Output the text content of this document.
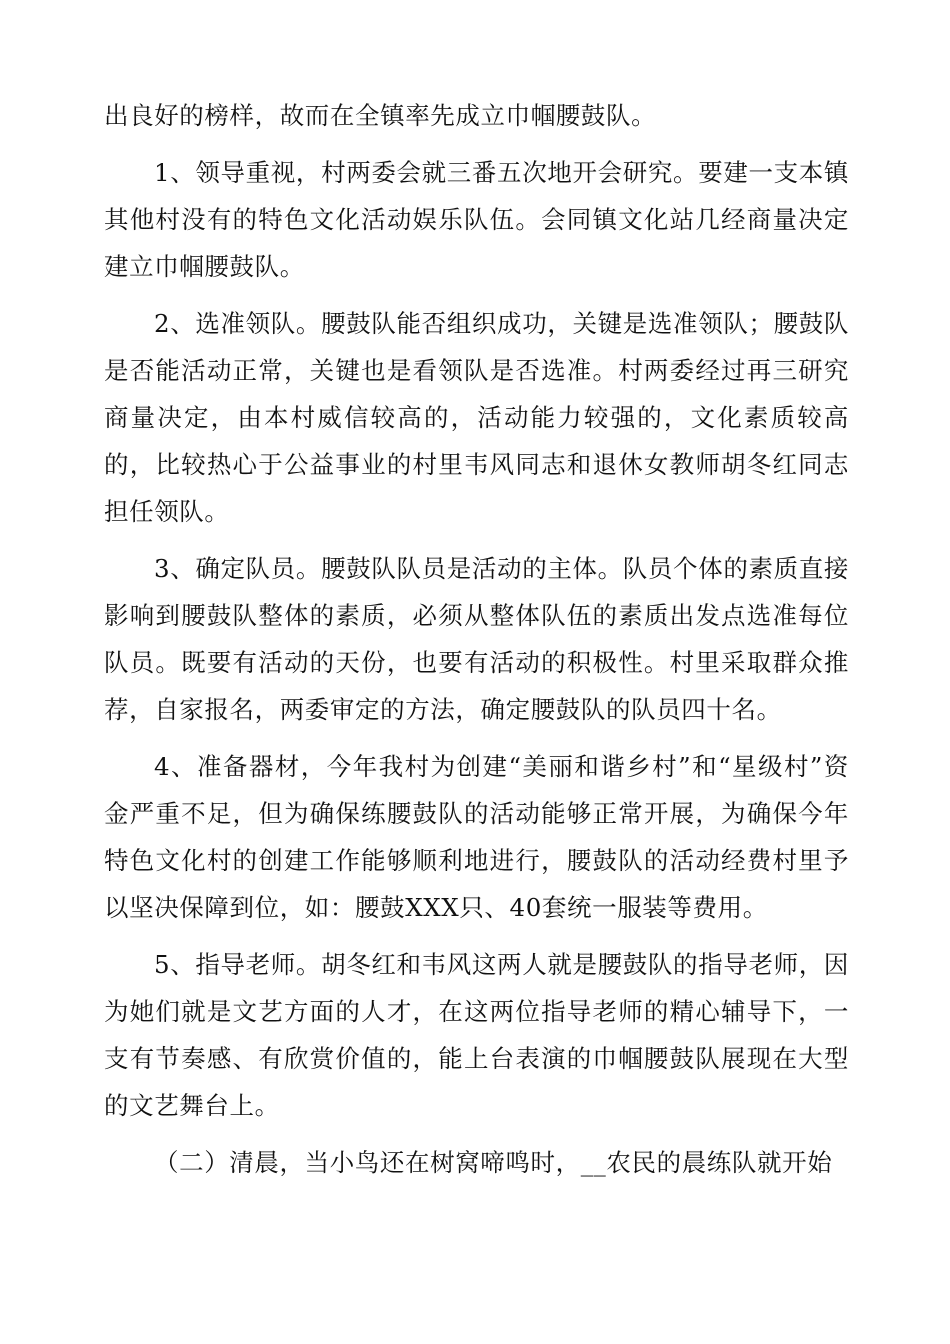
出良好的榜样，故而在全镇率先成立巾帼腰鼓队。

1、领导重视，村两委会就三番五次地开会研究。要建一支本镇其他村没有的特色文化活动娱乐队伍。会同镇文化站几经商量决定建立巾帼腰鼓队。

2、选准领队。腰鼓队能否组织成功，关键是选准领队；腰鼓队是否能活动正常，关键也是看领队是否选准。村两委经过再三研究商量决定，由本村威信较高的，活动能力较强的，文化素质较高的，比较热心于公益事业的村里韦风同志和退休女教师胡冬红同志担任领队。

3、确定队员。腰鼓队队员是活动的主体。队员个体的素质直接影响到腰鼓队整体的素质，必须从整体队伍的素质出发点选准每位队员。既要有活动的天份，也要有活动的积极性。村里采取群众推荐，自家报名，两委审定的方法，确定腰鼓队的队员四十名。

4、准备器材，今年我村为创建“美丽和谐乡村”和“星级村”资金严重不足，但为确保练腰鼓队的活动能够正常开展，为确保今年特色文化村的创建工作能够顺利地进行，腰鼓队的活动经费村里予以坚决保障到位，如：腰鼓XXX只、40套统一服装等费用。

5、指导老师。胡冬红和韦风这两人就是腰鼓队的指导老师，因为她们就是文艺方面的人才，在这两位指导老师的精心辅导下，一支有节奏感、有欣赏价值的，能上台表演的巾帼腰鼓队展现在大型的文艺舞台上。

（二）清晨，当小鸟还在树窝啼鸣时，__农民的晨练队就开始
